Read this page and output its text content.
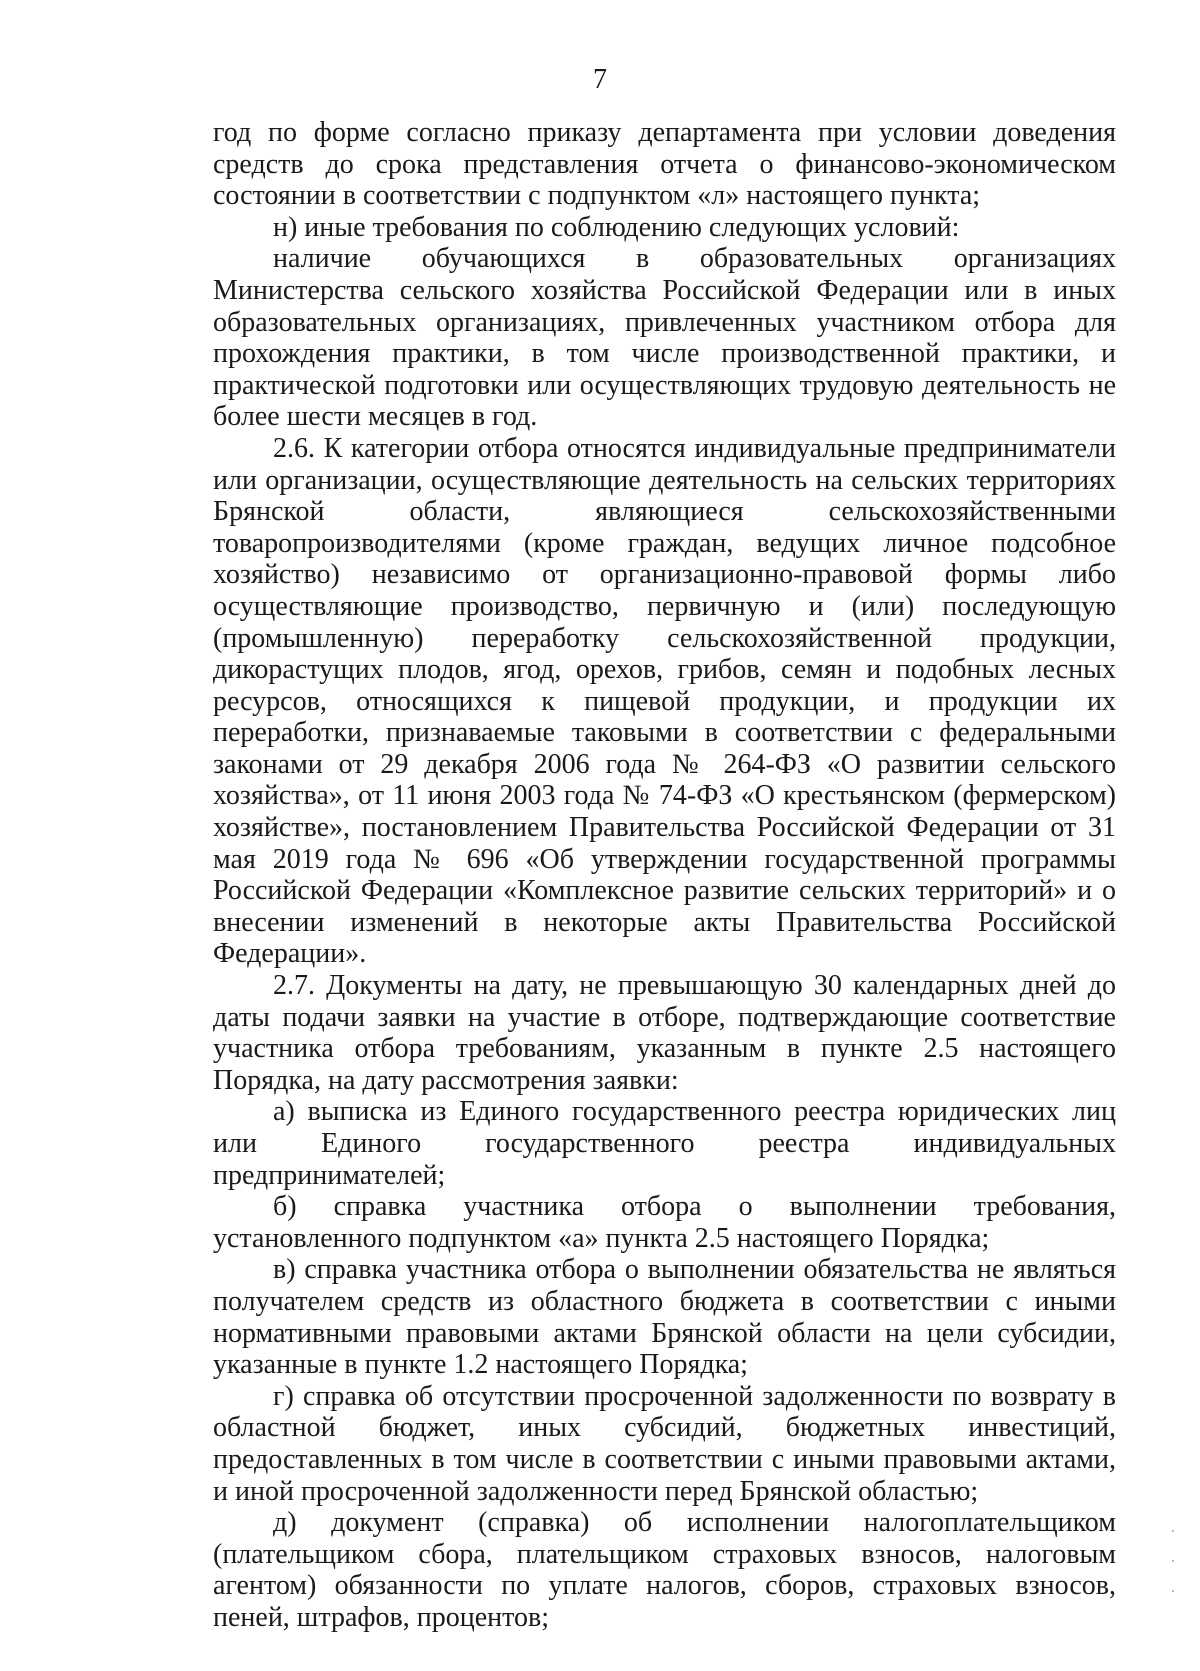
7

год по форме согласно приказу департамента при условии доведения средств до срока представления отчета о финансово-экономическом состоянии в соответствии с подпунктом «л» настоящего пункта;

н) иные требования по соблюдению следующих условий:

наличие обучающихся в образовательных организациях Министерства сельского хозяйства Российской Федерации или в иных образовательных организациях, привлеченных участником отбора для прохождения практики, в том числе производственной практики, и практической подготовки или осуществляющих трудовую деятельность не более шести месяцев в год.

2.6. К категории отбора относятся индивидуальные предприниматели или организации, осуществляющие деятельность на сельских территориях Брянской области, являющиеся сельскохозяйственными товаропроизводителями (кроме граждан, ведущих личное подсобное хозяйство) независимо от организационно-правовой формы либо осуществляющие производство, первичную и (или) последующую (промышленную) переработку сельскохозяйственной продукции, дикорастущих плодов, ягод, орехов, грибов, семян и подобных лесных ресурсов, относящихся к пищевой продукции, и продукции их переработки, признаваемые таковыми в соответствии с федеральными законами от 29 декабря 2006 года № 264-ФЗ «О развитии сельского хозяйства», от 11 июня 2003 года № 74-ФЗ «О крестьянском (фермерском) хозяйстве», постановлением Правительства Российской Федерации от 31 мая 2019 года № 696 «Об утверждении государственной программы Российской Федерации «Комплексное развитие сельских территорий» и о внесении изменений в некоторые акты Правительства Российской Федерации».

2.7. Документы на дату, не превышающую 30 календарных дней до даты подачи заявки на участие в отборе, подтверждающие соответствие участника отбора требованиям, указанным в пункте 2.5 настоящего Порядка, на дату рассмотрения заявки:

а) выписка из Единого государственного реестра юридических лиц или Единого государственного реестра индивидуальных предпринимателей;

б) справка участника отбора о выполнении требования, установленного подпунктом «а» пункта 2.5 настоящего Порядка;

в) справка участника отбора о выполнении обязательства не являться получателем средств из областного бюджета в соответствии с иными нормативными правовыми актами Брянской области на цели субсидии, указанные в пункте 1.2 настоящего Порядка;

г) справка об отсутствии просроченной задолженности по возврату в областной бюджет, иных субсидий, бюджетных инвестиций, предоставленных в том числе в соответствии с иными правовыми актами, и иной просроченной задолженности перед Брянской областью;

д) документ (справка) об исполнении налогоплательщиком (плательщиком сбора, плательщиком страховых взносов, налоговым агентом) обязанности по уплате налогов, сборов, страховых взносов, пеней, штрафов, процентов;
